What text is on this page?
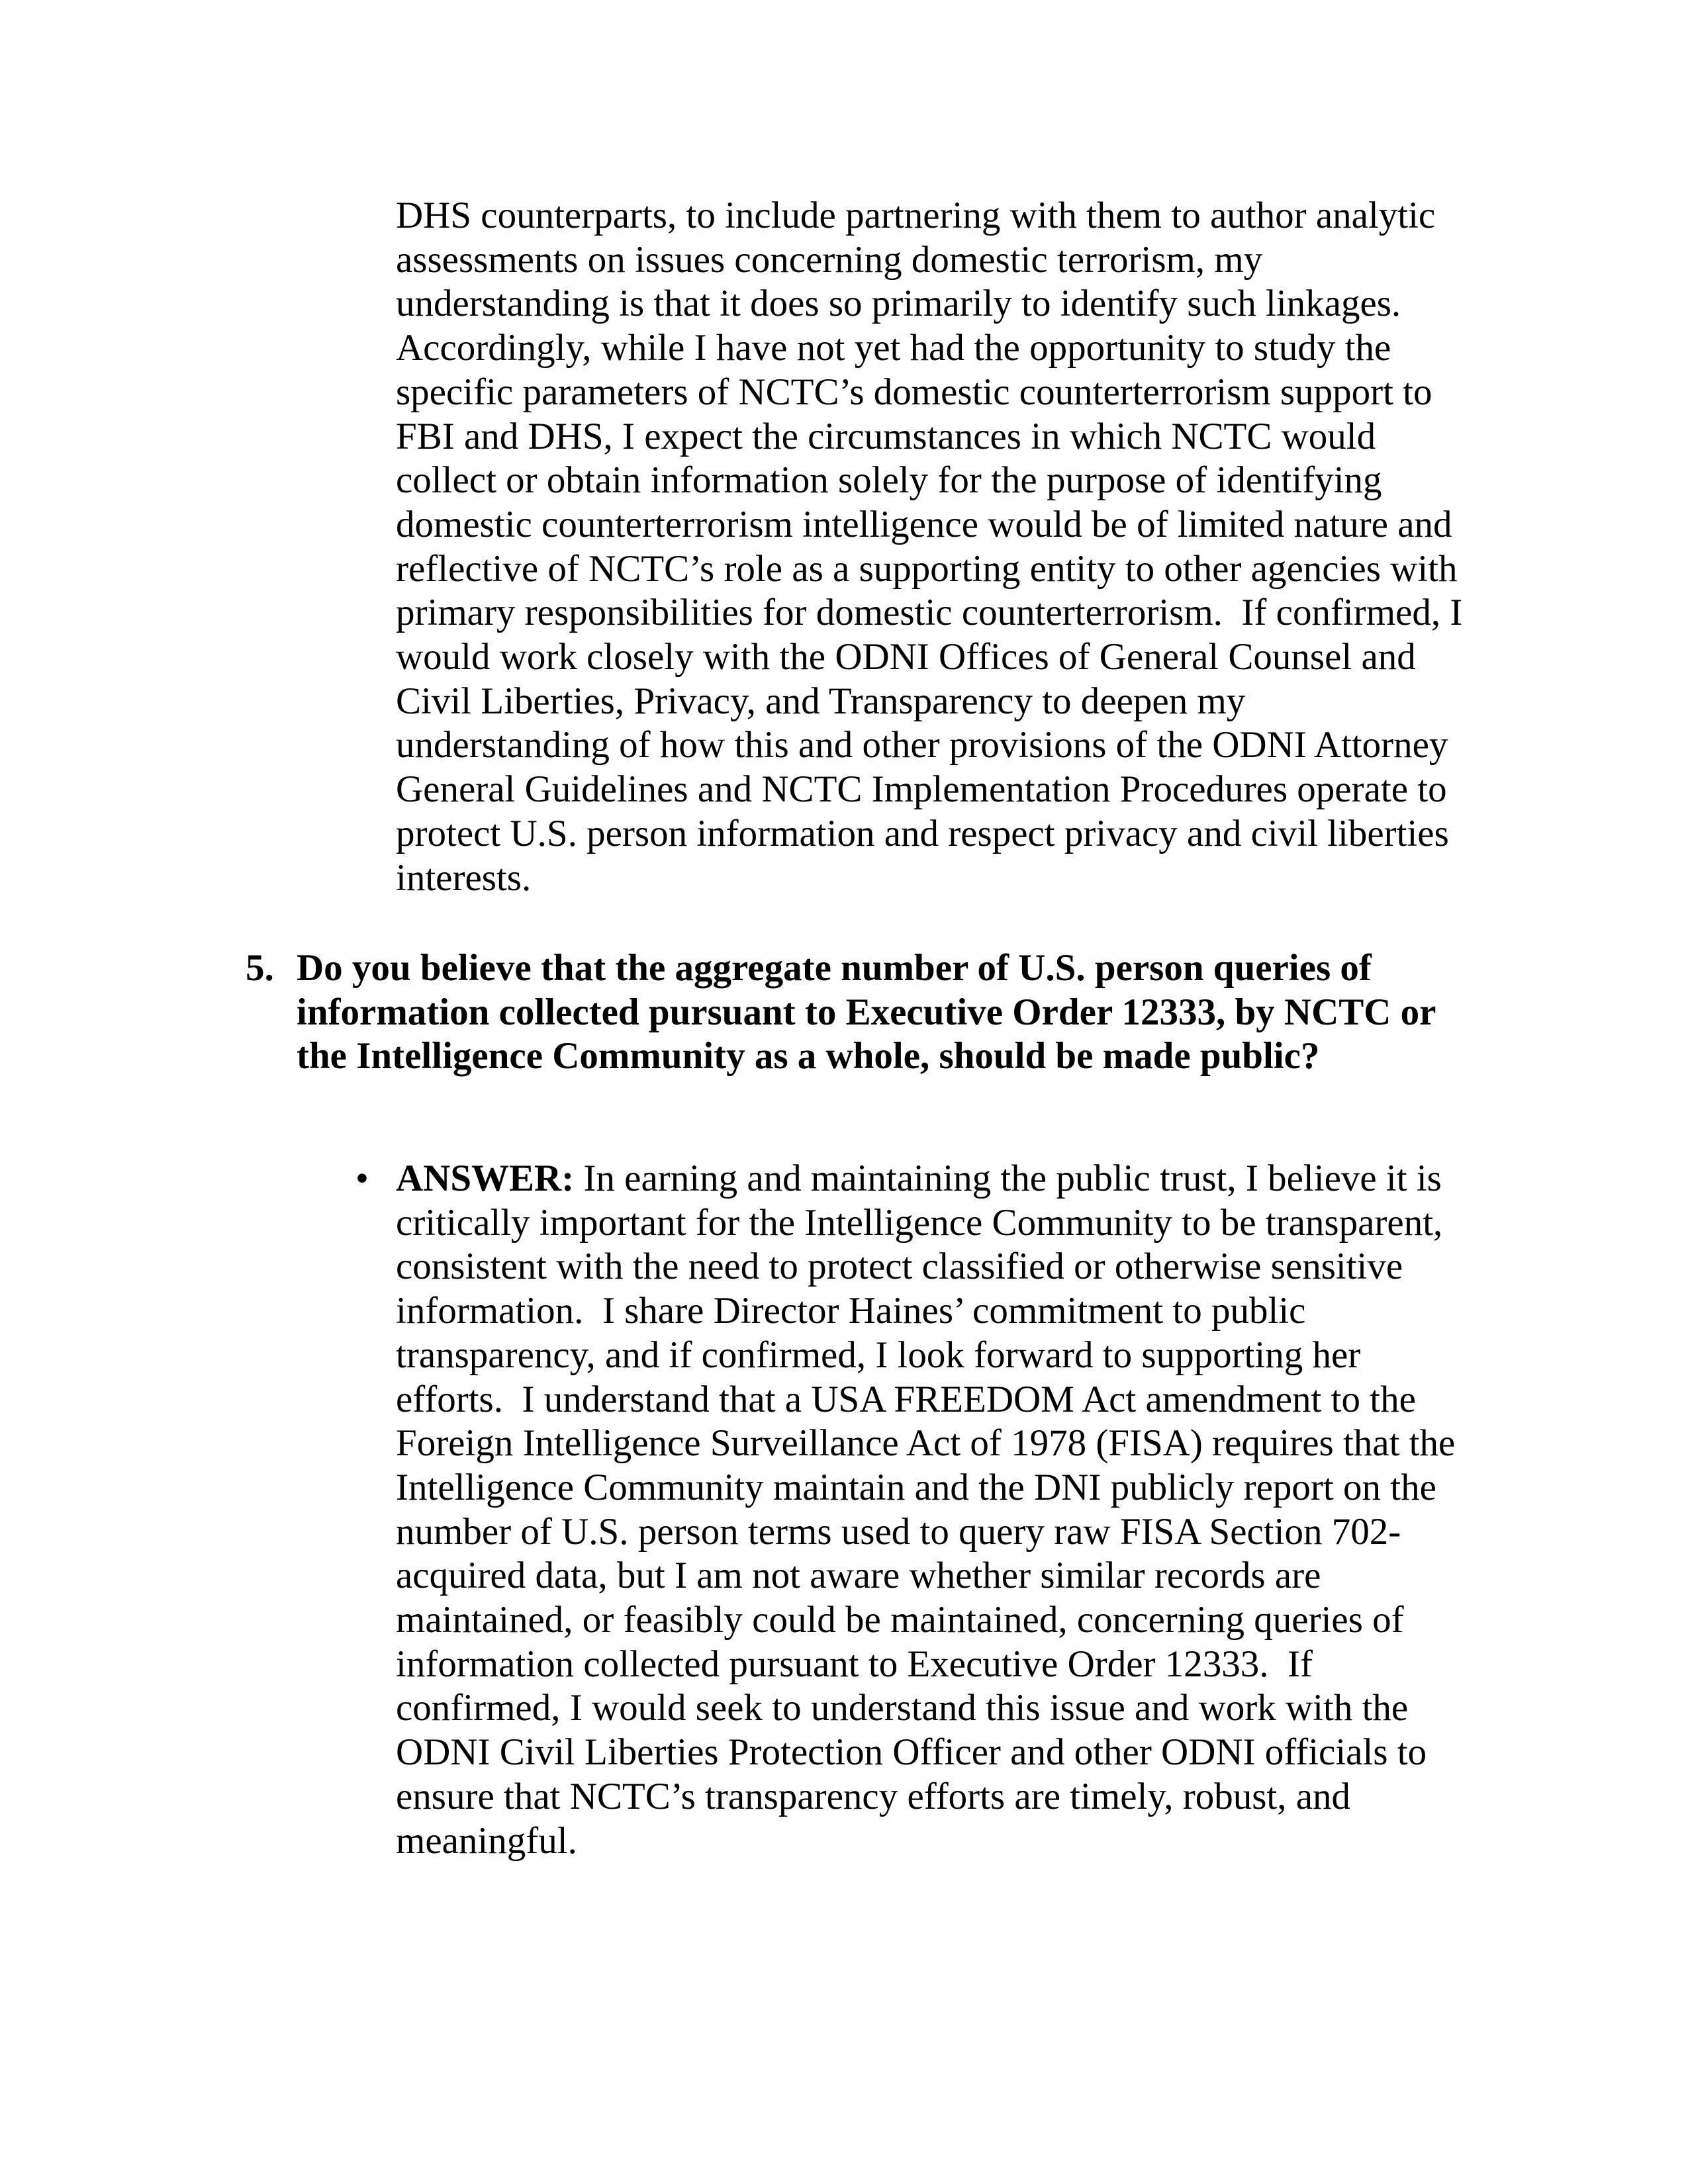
DHS counterparts, to include partnering with them to author analytic
assessments on issues concerning domestic terrorism, my
understanding is that it does so primarily to identify such linkages.
Accordingly, while I have not yet had the opportunity to study the
specific parameters of NCTC’s domestic counterterrorism support to
FBI and DHS, I expect the circumstances in which NCTC would
collect or obtain information solely for the purpose of identifying
domestic counterterrorism intelligence would be of limited nature and
reflective of NCTC’s role as a supporting entity to other agencies with
primary responsibilities for domestic counterterrorism.  If confirmed, I
would work closely with the ODNI Offices of General Counsel and
Civil Liberties, Privacy, and Transparency to deepen my
understanding of how this and other provisions of the ODNI Attorney
General Guidelines and NCTC Implementation Procedures operate to
protect U.S. person information and respect privacy and civil liberties
interests.
5. Do you believe that the aggregate number of U.S. person queries of
information collected pursuant to Executive Order 12333, by NCTC or
the Intelligence Community as a whole, should be made public?
• ANSWER: In earning and maintaining the public trust, I believe it is
critically important for the Intelligence Community to be transparent,
consistent with the need to protect classified or otherwise sensitive
information.  I share Director Haines’ commitment to public
transparency, and if confirmed, I look forward to supporting her
efforts.  I understand that a USA FREEDOM Act amendment to the
Foreign Intelligence Surveillance Act of 1978 (FISA) requires that the
Intelligence Community maintain and the DNI publicly report on the
number of U.S. person terms used to query raw FISA Section 702-
acquired data, but I am not aware whether similar records are
maintained, or feasibly could be maintained, concerning queries of
information collected pursuant to Executive Order 12333.  If
confirmed, I would seek to understand this issue and work with the
ODNI Civil Liberties Protection Officer and other ODNI officials to
ensure that NCTC’s transparency efforts are timely, robust, and
meaningful.
